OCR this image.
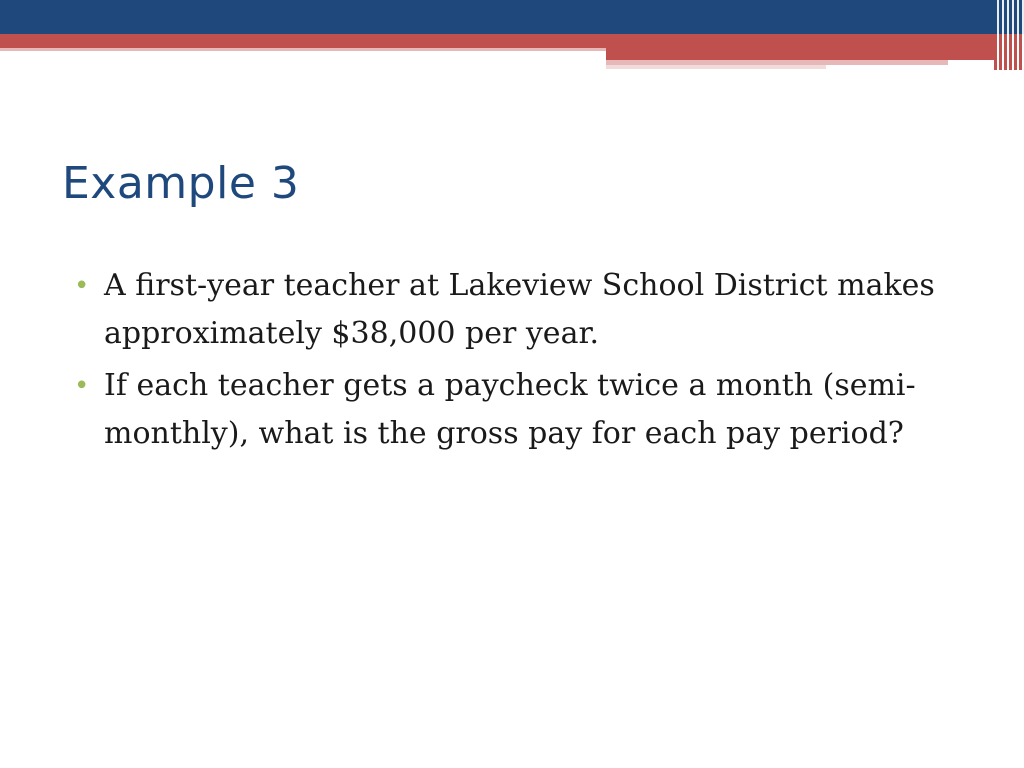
Example 3
• A first-year teacher at Lakeview School District makes approximately $38,000 per year.
• If each teacher gets a paycheck twice a month (semi-monthly), what is the gross pay for each pay period?
